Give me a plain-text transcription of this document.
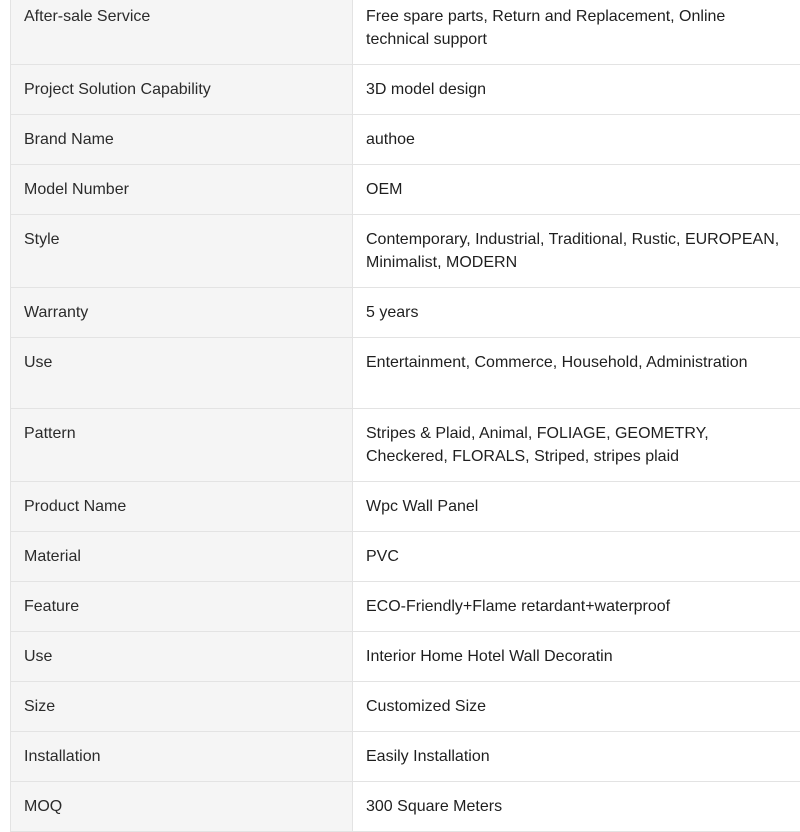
After-sale Service	Free spare parts, Return and Replacement, Online technical support

Project Solution Capability	3D model design

Brand Name	authoe

Model Number	OEM

Style	Contemporary, Industrial, Traditional, Rustic, EUROPEAN, Minimalist, MODERN

Warranty	5 years

Use	Entertainment, Commerce, Household, Administration

Pattern	Stripes & Plaid, Animal, FOLIAGE, GEOMETRY, Checkered, FLORALS, Striped, stripes plaid

Product Name	Wpc Wall Panel

Material	PVC

Feature	ECO-Friendly+Flame retardant+waterproof

Use	Interior Home Hotel Wall Decoratin

Size	Customized Size

Installation	Easily Installation

MOQ	300 Square Meters
